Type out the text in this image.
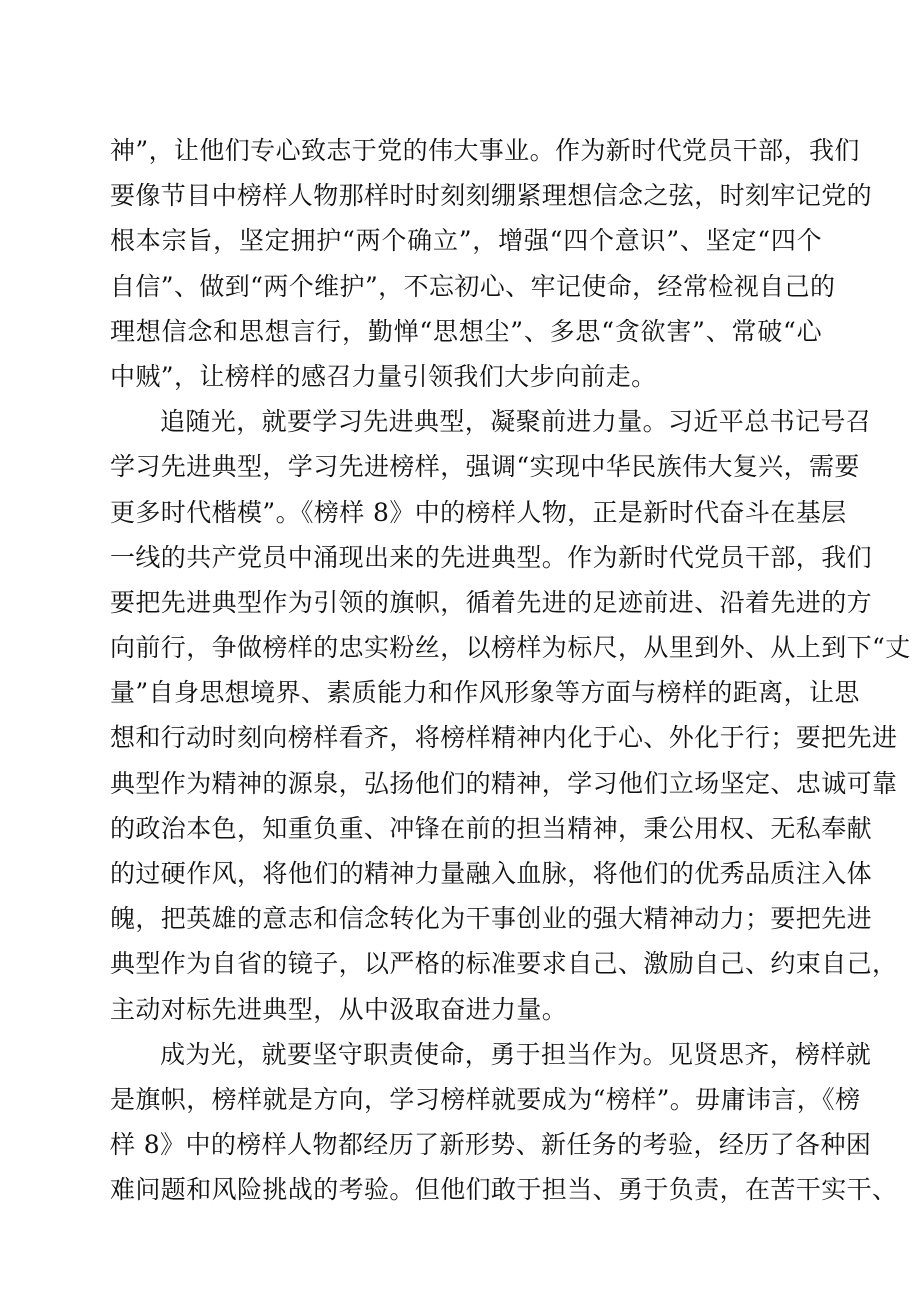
神”，让他们专心致志于党的伟大事业。作为新时代党员干部，我们
要像节目中榜样人物那样时时刻刻绷紧理想信念之弦，时刻牢记党的
根本宗旨，坚定拥护“两个确立”，增强“四个意识”、坚定“四个
自信”、做到“两个维护”，不忘初心、牢记使命，经常检视自己的
理想信念和思想言行，勤惮“思想尘”、多思“贪欲害”、常破“心
中贼”，让榜样的感召力量引领我们大步向前走。
追随光，就要学习先进典型，凝聚前进力量。习近平总书记号召
学习先进典型，学习先进榜样，强调“实现中华民族伟大复兴，需要
更多时代楷模”。《榜样 8》中的榜样人物，正是新时代奋斗在基层
一线的共产党员中涌现出来的先进典型。作为新时代党员干部，我们
要把先进典型作为引领的旗帜，循着先进的足迹前进、沿着先进的方
向前行，争做榜样的忠实粉丝，以榜样为标尺，从里到外、从上到下“丈
量”自身思想境界、素质能力和作风形象等方面与榜样的距离，让思
想和行动时刻向榜样看齐，将榜样精神内化于心、外化于行；要把先进
典型作为精神的源泉，弘扬他们的精神，学习他们立场坚定、忠诚可靠
的政治本色，知重负重、冲锋在前的担当精神，秉公用权、无私奉献
的过硬作风，将他们的精神力量融入血脉，将他们的优秀品质注入体
魄，把英雄的意志和信念转化为干事创业的强大精神动力；要把先进
典型作为自省的镜子，以严格的标准要求自己、激励自己、约束自己，
主动对标先进典型，从中汲取奋进力量。
成为光，就要坚守职责使命，勇于担当作为。见贤思齐，榜样就
是旗帜，榜样就是方向，学习榜样就要成为“榜样”。毋庸讳言，《榜
样 8》中的榜样人物都经历了新形势、新任务的考验，经历了各种困
难问题和风险挑战的考验。但他们敢于担当、勇于负责，在苦干实干、
